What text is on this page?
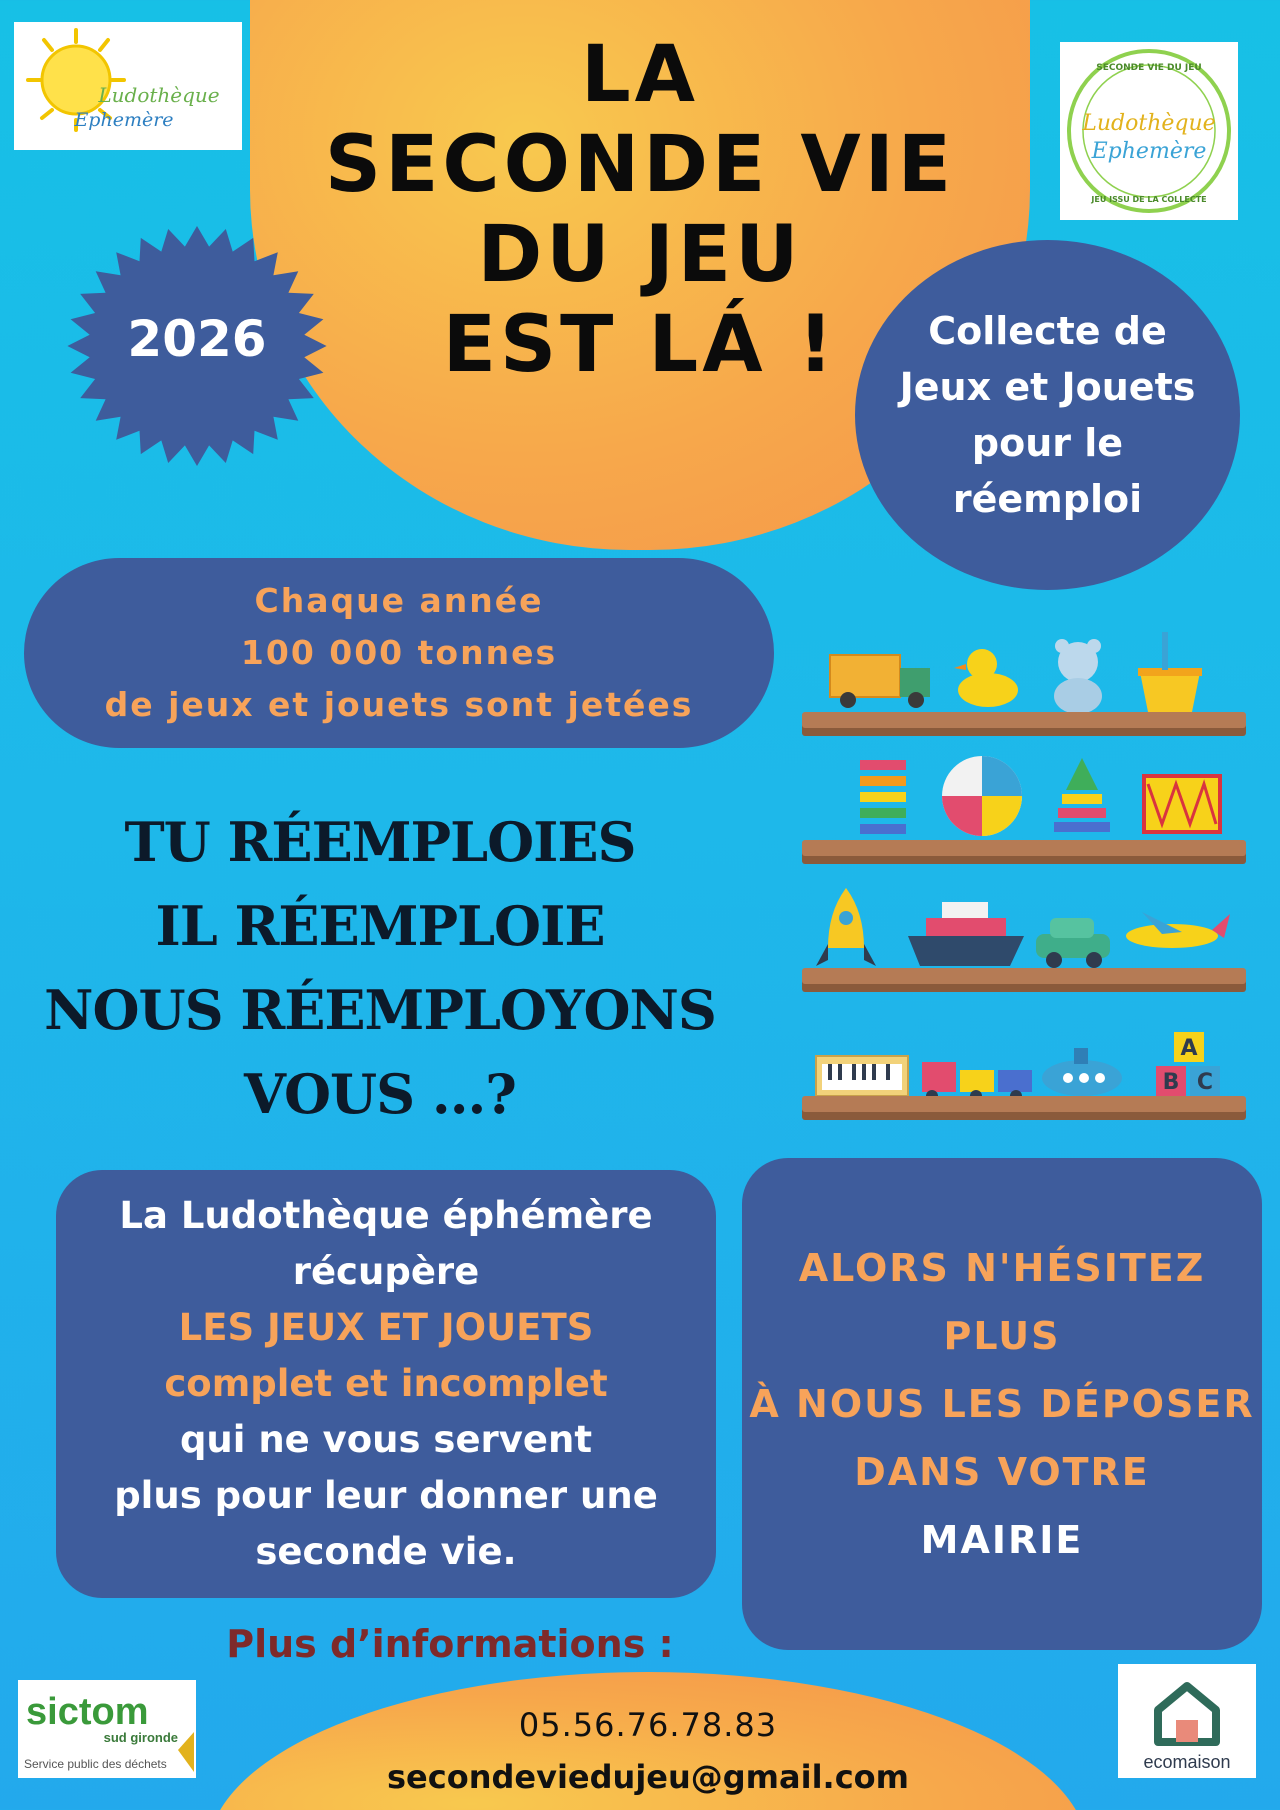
LA
SECONDE VIE
DU JEU
EST LÁ !
Ludothèque
Ephemère
SECONDE VIE DU JEU
Ludothèque
Ephemère
JEU ISSU DE LA COLLECTE
2026	Collecte de
Jeux et Jouets
pour le
réemploi
Chaque année
100 000 tonnes
de jeux et jouets sont jetées
TU RÉEMPLOIES
IL RÉEMPLOIE
NOUS RÉEMPLOYONS
VOUS ...?
A
B C
La Ludothèque éphémère
récupère
LES JEUX ET JOUETS
complet et incomplet
qui ne vous servent
plus pour leur donner une
seconde vie.
ALORS N'HÉSITEZ
PLUS
À NOUS LES DÉPOSER
DANS VOTRE
MAIRIE
Plus d’informations :
05.56.76.78.83
secondeviedujeu@gmail.com
sictom
sud gironde
Service public des déchets	ecomaison
